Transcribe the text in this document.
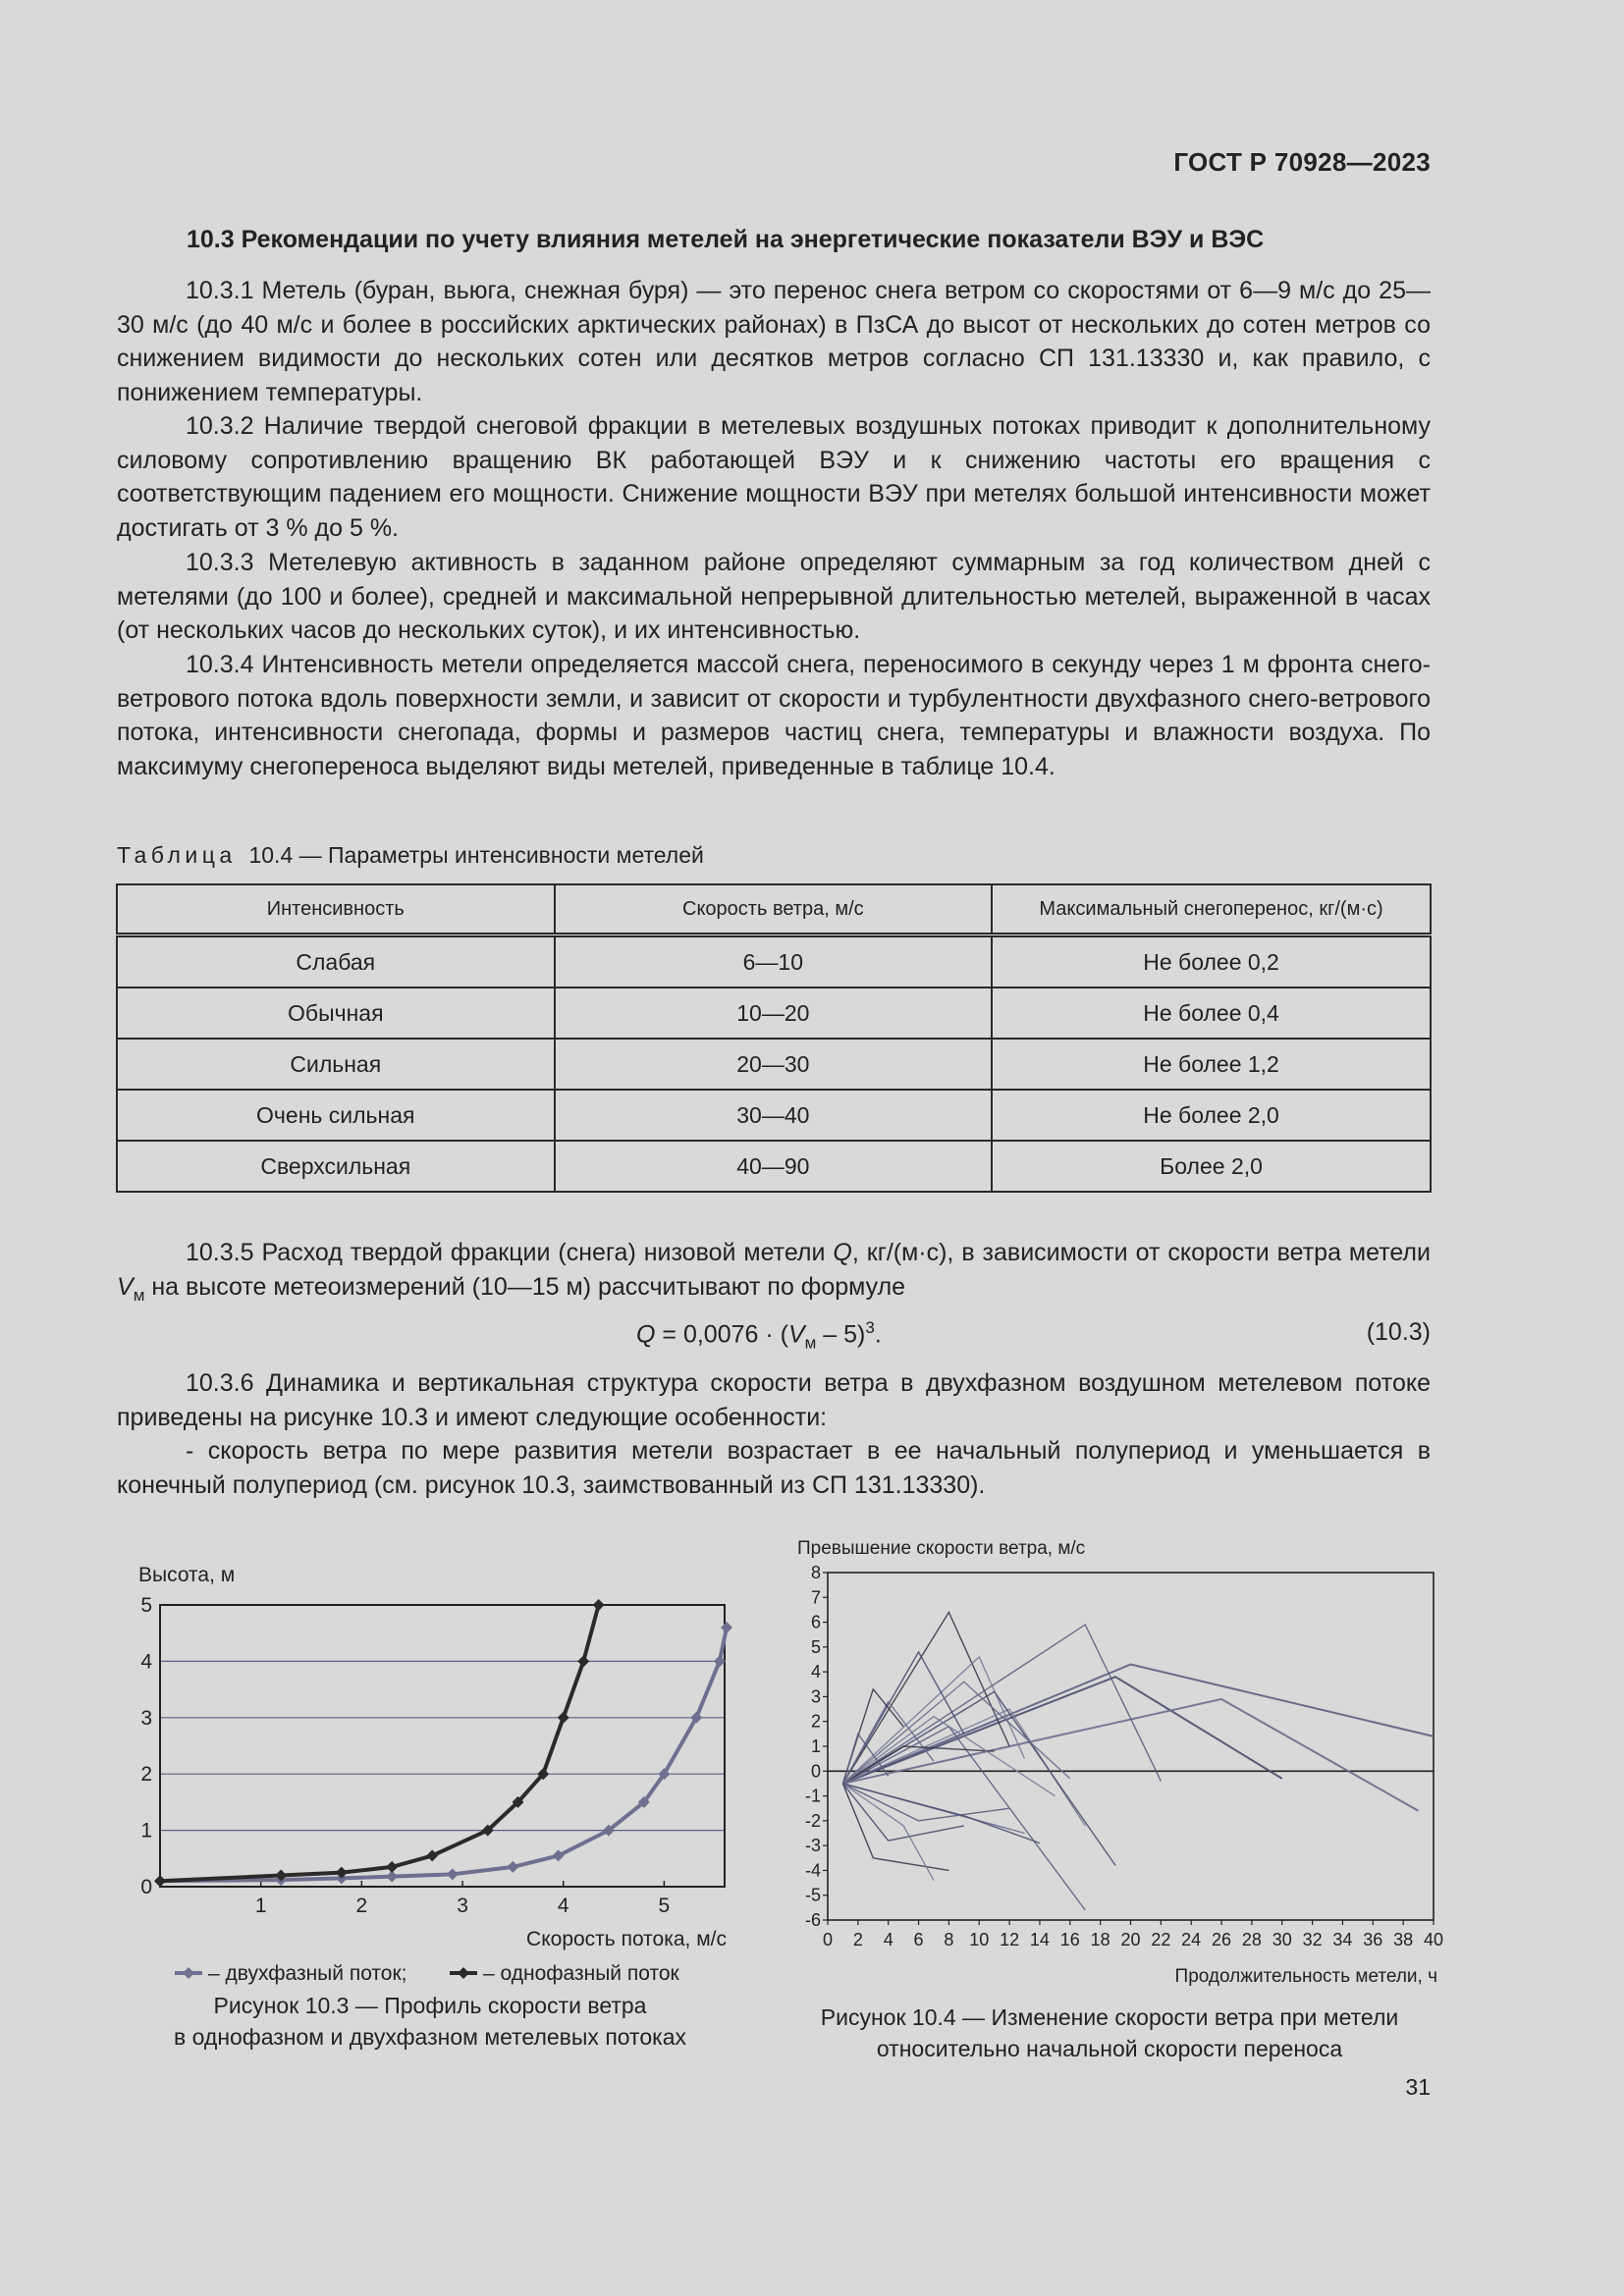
ГОСТ Р 70928—2023
10.3 Рекомендации по учету влияния метелей на энергетические показатели ВЭУ и ВЭС
10.3.1 Метель (буран, вьюга, снежная буря) — это перенос снега ветром со скоростями от 6—9 м/с до 25—30 м/с (до 40 м/с и более в российских арктических районах) в ПзСА до высот от нескольких до сотен метров со снижением видимости до нескольких сотен или десятков метров согласно СП 131.13330 и, как правило, с понижением температуры.
10.3.2 Наличие твердой снеговой фракции в метелевых воздушных потоках приводит к дополнительному силовому сопротивлению вращению ВК работающей ВЭУ и к снижению частоты его вращения с соответствующим падением его мощности. Снижение мощности ВЭУ при метелях большой интенсивности может достигать от 3 % до 5 %.
10.3.3 Метелевую активность в заданном районе определяют суммарным за год количеством дней с метелями (до 100 и более), средней и максимальной непрерывной длительностью метелей, выраженной в часах (от нескольких часов до нескольких суток), и их интенсивностью.
10.3.4 Интенсивность метели определяется массой снега, переносимого в секунду через 1 м фронта снего-ветрового потока вдоль поверхности земли, и зависит от скорости и турбулентности двухфазного снего-ветрового потока, интенсивности снегопада, формы и размеров частиц снега, температуры и влажности воздуха. По максимуму снегопереноса выделяют виды метелей, приведенные в таблице 10.4.
Таблица 10.4 — Параметры интенсивности метелей
Интенсивность	Скорость ветра, м/с	Максимальный снегоперенос, кг/(м·с)
Слабая	6—10	Не более 0,2
Обычная	10—20	Не более 0,4
Сильная	20—30	Не более 1,2
Очень сильная	30—40	Не более 2,0
Сверхсильная	40—90	Более 2,0
10.3.5 Расход твердой фракции (снега) низовой метели Q, кг/(м·с), в зависимости от скорости ветра метели $V_м$ на высоте метеоизмерений (10—15 м) рассчитывают по формуле
$Q = 0,0076 \cdot (V_м - 5)^3$.	(10.3)
10.3.6 Динамика и вертикальная структура скорости ветра в двухфазном воздушном метелевом потоке приведены на рисунке 10.3 и имеют следующие особенности:
- скорость ветра по мере развития метели возрастает в ее начальный полупериод и уменьшается в конечный полупериод (см. рисунок 10.3, заимствованный из СП 131.13330).
Высота, м
Скорость потока, м/с
– двухфазный поток;	– однофазный поток
0
1
2
3
4
5
1	2	3	4	5
Рисунок 10.3 — Профиль скорости ветра
в однофазном и двухфазном метелевых потоках
Превышение скорости ветра, м/с
Продолжительность метели, ч
8
7
6
5
4
3
2
1
0
-1
-2
-3
-4
-5
-6
0 2 4 6 8 10 12 14 16 18 20 22 24 26 28 30 32 34 36 38 40
Рисунок 10.4 — Изменение скорости ветра при метели
относительно начальной скорости переноса
31
